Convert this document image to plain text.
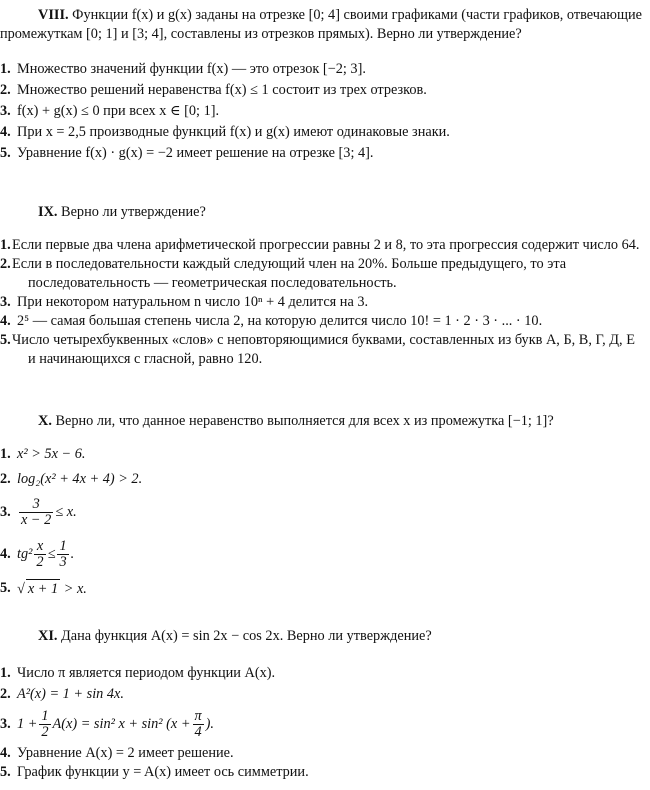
VIII. Функции f(x) и g(x) заданы на отрезке [0; 4] своими графиками (части графиков, отвечающие промежуткам [0; 1] и [3; 4], составлены из отрезков прямых). Верно ли утверждение?

1. Множество значений функции f(x) — это отрезок [−2; 3].
2. Множество решений неравенства f(x) ≤ 1 состоит из трех отрезков.
3. f(x) + g(x) ≤ 0 при всех x ∈ [0; 1].
4. При x = 2,5 производные функций f(x) и g(x) имеют одинаковые знаки.
5. Уравнение f(x) · g(x) = −2 имеет решение на отрезке [3; 4].

IX. Верно ли утверждение?

1. Если первые два члена арифметической прогрессии равны 2 и 8, то эта прогрессия содержит число 64.
2. Если в последовательности каждый следующий член на 20%. Больше предыдущего, то эта последовательность — геометрическая последовательность.
3. При некотором натуральном n число 10ⁿ + 4 делится на 3.
4. 2⁵ — самая большая степень числа 2, на которую делится число 10! = 1 · 2 · 3 · ... · 10.
5. Число четырехбуквенных «слов» с неповторяющимися буквами, составленных из букв А, Б, В, Г, Д, Е и начинающихся с гласной, равно 120.

X. Верно ли, что данное неравенство выполняется для всех x из промежутка [−1; 1]?

1. x² > 5x − 6.
2. log₂(x² + 4x + 4) > 2.
3. $\frac{3}{x - 2} \le x$.
4. $tg^2 \frac{x}{2} \le \frac{1}{3}$ .
5. √ x + 1 > x.

XI. Дана функция A(x) = sin 2x − cos 2x. Верно ли утверждение?

1. Число π является периодом функции A(x).
2. A²(x) = 1 + sin 4x.
3. $1 + \frac{1}{2} A(x) = \sin^2$ x + sin² ($x + \frac{\pi}{4}$ ).
4. Уравнение A(x) = 2 имеет решение.
5. График функции y = A(x) имеет ось симметрии.
